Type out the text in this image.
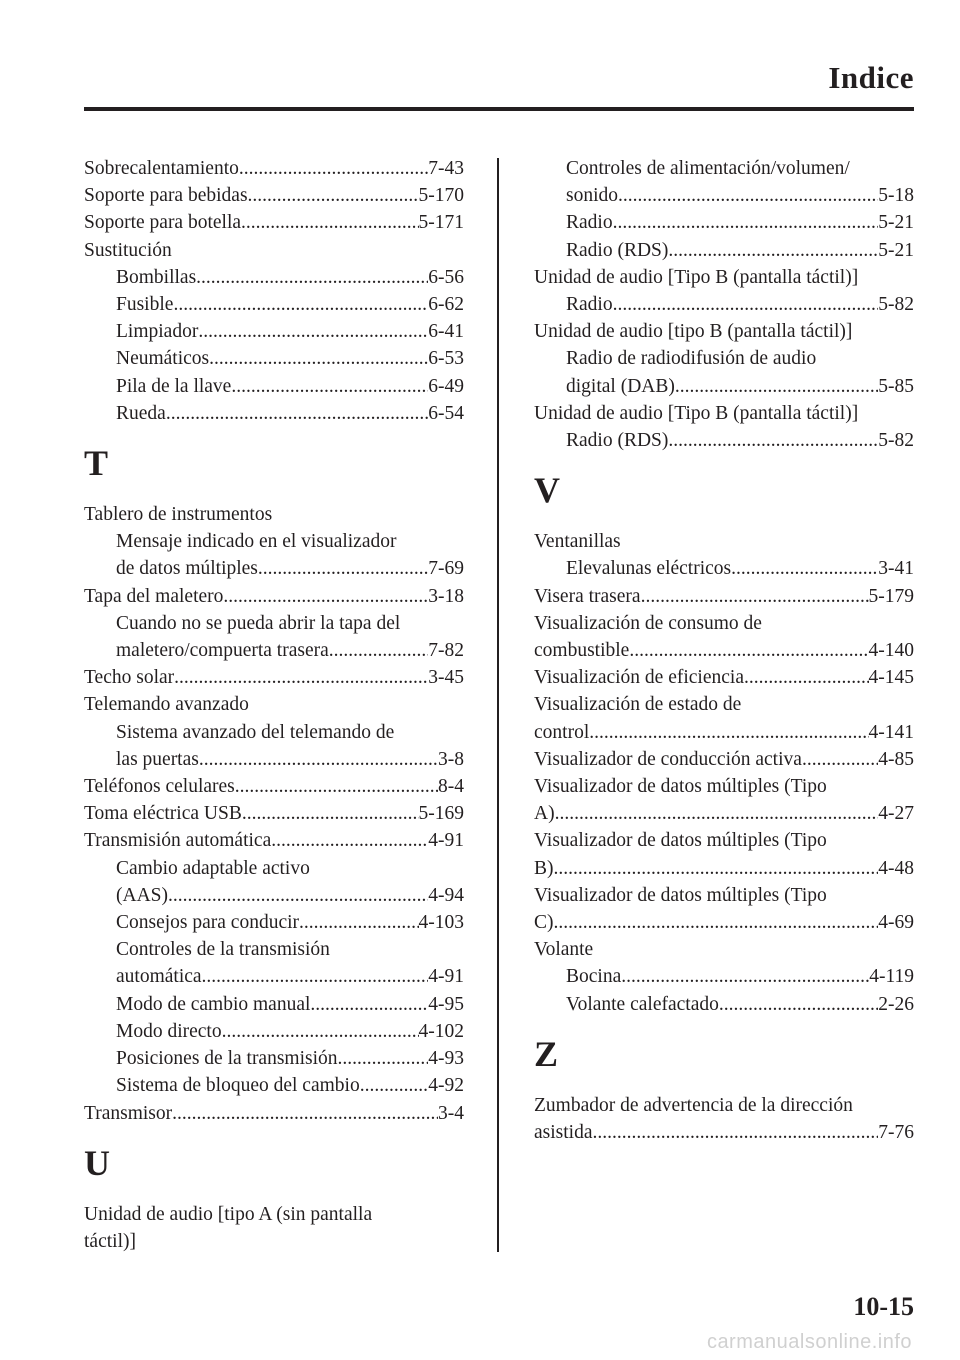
Indice
Sobrecalentamiento .....	7-43
Soporte para bebidas .....	5-170
Soporte para botella .....	5-171
Sustitución
Bombillas .....	6-56
Fusible .....	6-62
Limpiador .....	6-41
Neumáticos .....	6-53
Pila de la llave .....	6-49
Rueda .....	6-54
T
Tablero de instrumentos
Mensaje indicado en el visualizador
de datos múltiples .....	7-69
Tapa del maletero .....	3-18
Cuando no se pueda abrir la tapa del
maletero/compuerta trasera .....	7-82
Techo solar .....	3-45
Telemando avanzado
Sistema avanzado del telemando de
las puertas .....	3-8
Teléfonos celulares .....	8-4
Toma eléctrica USB .....	5-169
Transmisión automática .....	4-91
Cambio adaptable activo
(AAS) .....	4-94
Consejos para conducir .....	4-103
Controles de la transmisión
automática .....	4-91
Modo de cambio manual .....	4-95
Modo directo .....	4-102
Posiciones de la transmisión .....	4-93
Sistema de bloqueo del cambio .....	4-92
Transmisor .....	3-4
U
Unidad de audio [tipo A (sin pantalla
táctil)]
Controles de alimentación/volumen/
sonido .....	5-18
Radio .....	5-21
Radio (RDS) .....	5-21
Unidad de audio [Tipo B (pantalla táctil)]
Radio .....	5-82
Unidad de audio [tipo B (pantalla táctil)]
Radio de radiodifusión de audio
digital (DAB) .....	5-85
Unidad de audio [Tipo B (pantalla táctil)]
Radio (RDS) .....	5-82
V
Ventanillas
Elevalunas eléctricos .....	3-41
Visera trasera .....	5-179
Visualización de consumo de
combustible .....	4-140
Visualización de eficiencia .....	4-145
Visualización de estado de
control .....	4-141
Visualizador de conducción activa .....	4-85
Visualizador de datos múltiples (Tipo
A) .....	4-27
Visualizador de datos múltiples (Tipo
B) .....	4-48
Visualizador de datos múltiples (Tipo
C) .....	4-69
Volante
Bocina .....	4-119
Volante calefactado .....	2-26
Z
Zumbador de advertencia de la dirección
asistida .....	7-76
10-15
carmanualsonline.info
